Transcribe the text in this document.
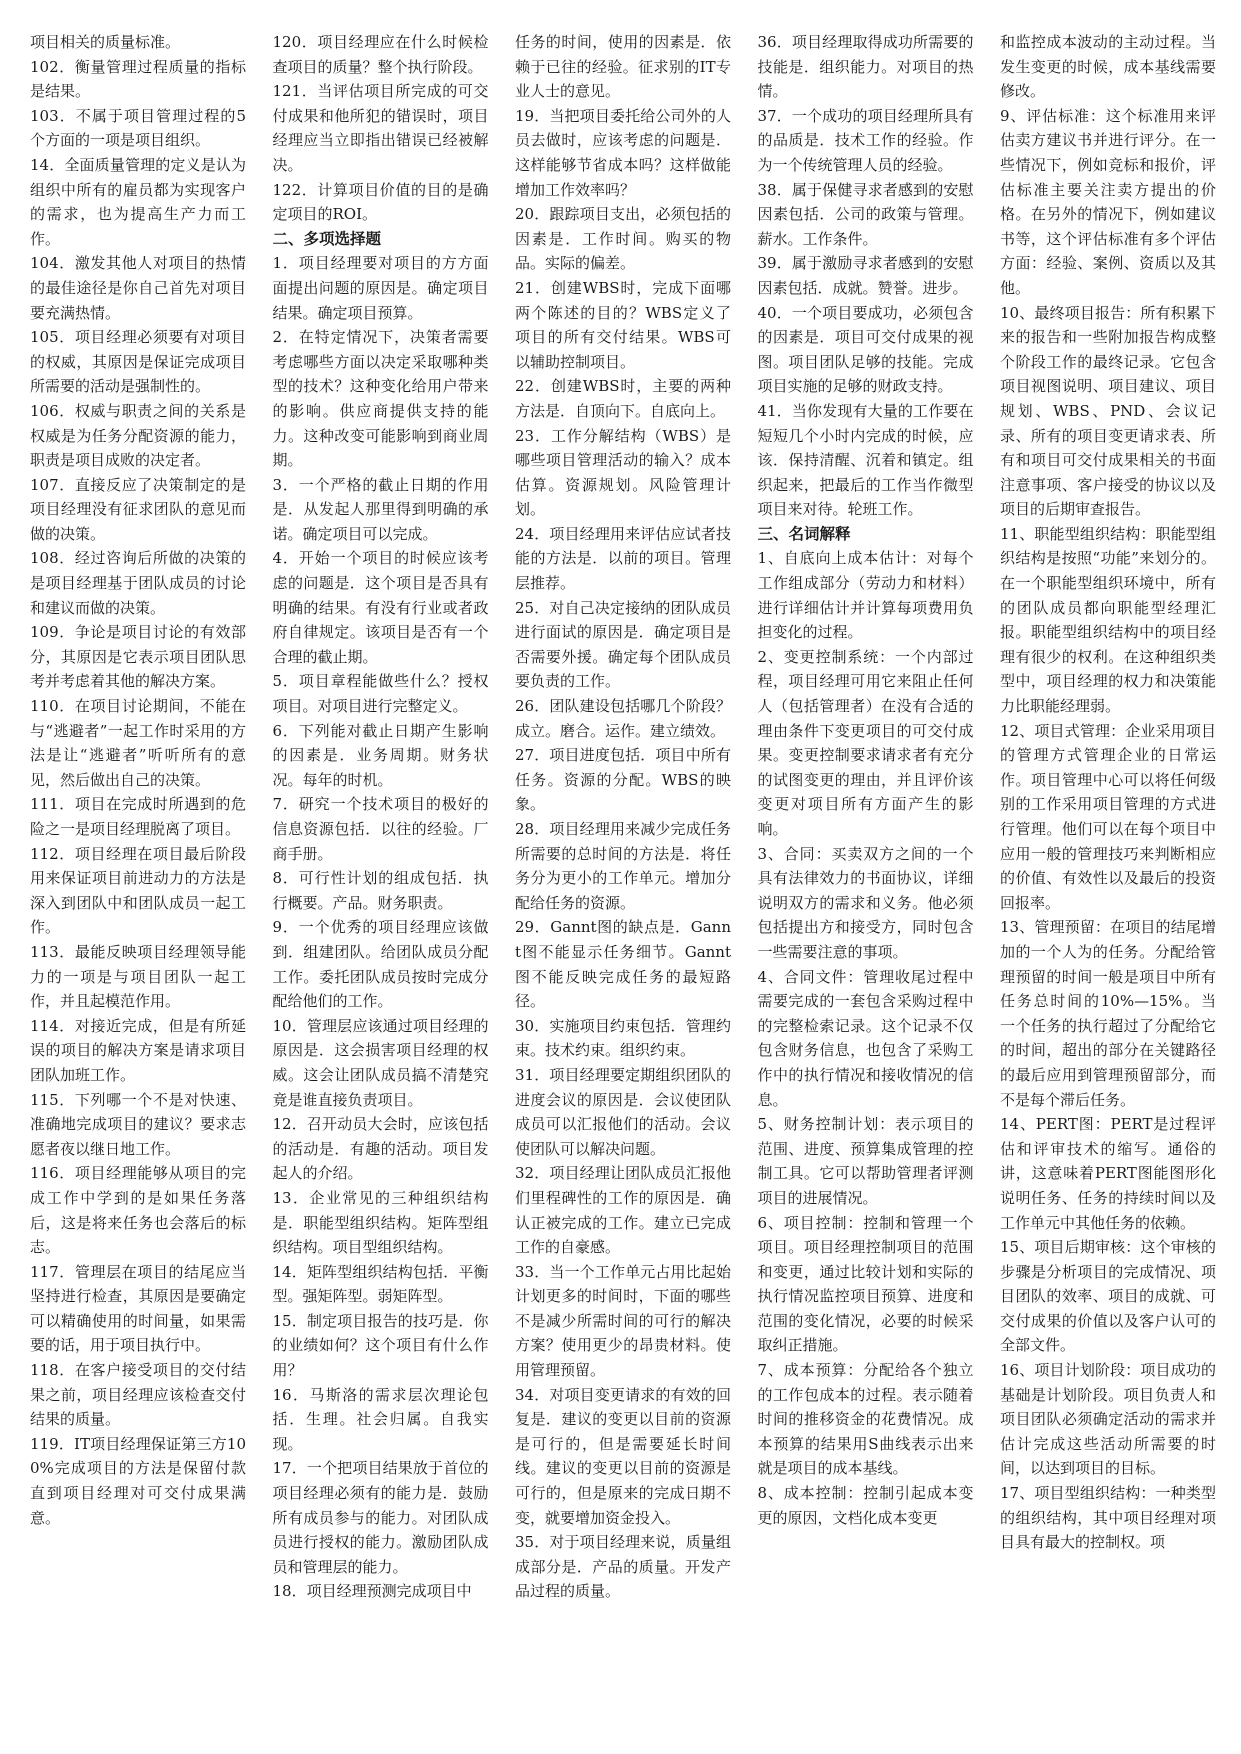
项目相关的质量标准。

102．衡量管理过程质量的指标是结果。

103．不属于项目管理过程的5个方面的一项是项目组织。

14．全面质量管理的定义是认为组织中所有的雇员都为实现客户的需求，也为提高生产力而工作。

104．激发其他人对项目的热情的最佳途径是你自己首先对项目要充满热情。

105．项目经理必须要有对项目的权威，其原因是保证完成项目所需要的活动是强制性的。

106．权威与职责之间的关系是权威是为任务分配资源的能力，职责是项目成败的决定者。

107．直接反应了决策制定的是项目经理没有征求团队的意见而做的决策。

108．经过咨询后所做的决策的是项目经理基于团队成员的讨论和建议而做的决策。

109．争论是项目讨论的有效部分，其原因是它表示项目团队思考并考虑着其他的解决方案。

110．在项目讨论期间，不能在与“逃避者”一起工作时采用的方法是让“逃避者”听听所有的意见，然后做出自己的决策。

111．项目在完成时所遇到的危险之一是项目经理脱离了项目。

112．项目经理在项目最后阶段用来保证项目前进动力的方法是深入到团队中和团队成员一起工作。

113．最能反映项目经理领导能力的一项是与项目团队一起工作，并且起模范作用。

114．对接近完成，但是有所延误的项目的解决方案是请求项目团队加班工作。

115．下列哪一个不是对快速、准确地完成项目的建议？要求志愿者夜以继日地工作。

116．项目经理能够从项目的完成工作中学到的是如果任务落后，这是将来任务也会落后的标志。

117．管理层在项目的结尾应当坚持进行检查，其原因是要确定可以精确使用的时间量，如果需要的话，用于项目执行中。

118．在客户接受项目的交付结果之前，项目经理应该检查交付结果的质量。

119．IT项目经理保证第三方100%完成项目的方法是保留付款直到项目经理对可交付成果满意。

120．项目经理应在什么时候检查项目的质量？整个执行阶段。

121．当评估项目所完成的可交付成果和他所犯的错误时，项目经理应当立即指出错误已经被解决。

122．计算项目价值的目的是确定项目的ROI。

二、多项选择题

1．项目经理要对项目的方方面面提出问题的原因是。确定项目结果。确定项目预算。

2．在特定情况下，决策者需要考虑哪些方面以决定采取哪种类型的技术？这种变化给用户带来的影响。供应商提供支持的能力。这种改变可能影响到商业周期。

3．一个严格的截止日期的作用是．从发起人那里得到明确的承诺。确定项目可以完成。

4．开始一个项目的时候应该考虑的问题是．这个项目是否具有明确的结果。有没有行业或者政府自律规定。该项目是否有一个合理的截止期。

5．项目章程能做些什么？授权项目。对项目进行完整定义。

6．下列能对截止日期产生影响的因素是．业务周期。财务状况。每年的时机。

7．研究一个技术项目的极好的信息资源包括．以往的经验。厂商手册。

8．可行性计划的组成包括．执行概要。产品。财务职责。

9．一个优秀的项目经理应该做到．组建团队。给团队成员分配工作。委托团队成员按时完成分配给他们的工作。

10．管理层应该通过项目经理的原因是．这会损害项目经理的权威。这会让团队成员搞不清楚究竟是谁直接负责项目。

12．召开动员大会时，应该包括的活动是．有趣的活动。项目发起人的介绍。

13．企业常见的三种组织结构是．职能型组织结构。矩阵型组织结构。项目型组织结构。

14．矩阵型组织结构包括．平衡型。强矩阵型。弱矩阵型。

15．制定项目报告的技巧是．你的业绩如何？这个项目有什么作用？

16．马斯洛的需求层次理论包括．生理。社会归属。自我实现。

17．一个把项目结果放于首位的项目经理必须有的能力是．鼓励所有成员参与的能力。对团队成员进行授权的能力。激励团队成员和管理层的能力。

18．项目经理预测完成项目中

任务的时间，使用的因素是．依赖于已往的经验。征求别的IT专业人士的意见。

19．当把项目委托给公司外的人员去做时，应该考虑的问题是．这样能够节省成本吗？这样做能增加工作效率吗？

20．跟踪项目支出，必须包括的因素是．工作时间。购买的物品。实际的偏差。

21．创建WBS时，完成下面哪两个陈述的目的？WBS定义了项目的所有交付结果。WBS可以辅助控制项目。

22．创建WBS时，主要的两种方法是．自顶向下。自底向上。

23．工作分解结构（WBS）是哪些项目管理活动的输入？成本估算。资源规划。风险管理计划。

24．项目经理用来评估应试者技能的方法是．以前的项目。管理层推荐。

25．对自己决定接纳的团队成员进行面试的原因是．确定项目是否需要外援。确定每个团队成员要负责的工作。

26．团队建设包括哪几个阶段？成立。磨合。运作。建立绩效。

27．项目进度包括．项目中所有任务。资源的分配。WBS的映象。

28．项目经理用来减少完成任务所需要的总时间的方法是．将任务分为更小的工作单元。增加分配给任务的资源。

29．Gannt图的缺点是．Gannt图不能显示任务细节。Gannt图不能反映完成任务的最短路径。

30．实施项目约束包括．管理约束。技术约束。组织约束。

31．项目经理要定期组织团队的进度会议的原因是．会议使团队成员可以汇报他们的活动。会议使团队可以解决问题。

32．项目经理让团队成员汇报他们里程碑性的工作的原因是．确认正被完成的工作。建立已完成工作的自豪感。

33．当一个工作单元占用比起始计划更多的时间时，下面的哪些不是减少所需时间的可行的解决方案？使用更少的昂贵材料。使用管理预留。

34．对项目变更请求的有效的回复是．建议的变更以目前的资源是可行的，但是需要延长时间线。建议的变更以目前的资源是可行的，但是原来的完成日期不变，就要增加资金投入。

35．对于项目经理来说，质量组成部分是．产品的质量。开发产品过程的质量。

36．项目经理取得成功所需要的技能是．组织能力。对项目的热情。

37．一个成功的项目经理所具有的品质是．技术工作的经验。作为一个传统管理人员的经验。

38．属于保健寻求者感到的安慰因素包括．公司的政策与管理。薪水。工作条件。

39．属于激励寻求者感到的安慰因素包括．成就。赞誉。进步。

40．一个项目要成功，必须包含的因素是．项目可交付成果的视图。项目团队足够的技能。完成项目实施的足够的财政支持。

41．当你发现有大量的工作要在短短几个小时内完成的时候，应该．保持清醒、沉着和镇定。组织起来，把最后的工作当作微型项目来对待。轮班工作。

三、名词解释

1、自底向上成本估计：对每个工作组成部分（劳动力和材料）进行详细估计并计算每项费用负担变化的过程。

2、变更控制系统：一个内部过程，项目经理可用它来阻止任何人（包括管理者）在没有合适的理由条件下变更项目的可交付成果。变更控制要求请求者有充分的试图变更的理由，并且评价该变更对项目所有方面产生的影响。

3、合同：买卖双方之间的一个具有法律效力的书面协议，详细说明双方的需求和义务。他必须包括提出方和接受方，同时包含一些需要注意的事项。

4、合同文件：管理收尾过程中需要完成的一套包含采购过程中的完整检索记录。这个记录不仅包含财务信息，也包含了采购工作中的执行情况和接收情况的信息。

5、财务控制计划：表示项目的范围、进度、预算集成管理的控制工具。它可以帮助管理者评测项目的进展情况。

6、项目控制：控制和管理一个项目。项目经理控制项目的范围和变更，通过比较计划和实际的执行情况监控项目预算、进度和范围的变化情况，必要的时候采取纠正措施。

7、成本预算：分配给各个独立的工作包成本的过程。表示随着时间的推移资金的花费情况。成本预算的结果用S曲线表示出来就是项目的成本基线。

8、成本控制：控制引起成本变更的原因，文档化成本变更

和监控成本波动的主动过程。当发生变更的时候，成本基线需要修改。

9、评估标准：这个标准用来评估卖方建议书并进行评分。在一些情况下，例如竞标和报价，评估标准主要关注卖方提出的价格。在另外的情况下，例如建议书等，这个评估标准有多个评估方面：经验、案例、资质以及其他。

10、最终项目报告：所有积累下来的报告和一些附加报告构成整个阶段工作的最终记录。它包含项目视图说明、项目建议、项目规划、WBS、PND、会议记录、所有的项目变更请求表、所有和项目可交付成果相关的书面注意事项、客户接受的协议以及项目的后期审查报告。

11、职能型组织结构：职能型组织结构是按照“功能”来划分的。在一个职能型组织环境中，所有的团队成员都向职能型经理汇报。职能型组织结构中的项目经理有很少的权利。在这种组织类型中，项目经理的权力和决策能力比职能经理弱。

12、项目式管理：企业采用项目的管理方式管理企业的日常运作。项目管理中心可以将任何级别的工作采用项目管理的方式进行管理。他们可以在每个项目中应用一般的管理技巧来判断相应的价值、有效性以及最后的投资回报率。

13、管理预留：在项目的结尾增加的一个人为的任务。分配给管理预留的时间一般是项目中所有任务总时间的10%—15%。当一个任务的执行超过了分配给它的时间，超出的部分在关键路径的最后应用到管理预留部分，而不是每个滞后任务。

14、PERT图：PERT是过程评估和评审技术的缩写。通俗的讲，这意味着PERT图能图形化说明任务、任务的持续时间以及工作单元中其他任务的依赖。

15、项目后期审核：这个审核的步骤是分析项目的完成情况、项目团队的效率、项目的成就、可交付成果的价值以及客户认可的全部文件。

16、项目计划阶段：项目成功的基础是计划阶段。项目负责人和项目团队必须确定活动的需求并估计完成这些活动所需要的时间，以达到项目的目标。

17、项目型组织结构：一种类型的组织结构，其中项目经理对项目具有最大的控制权。项
